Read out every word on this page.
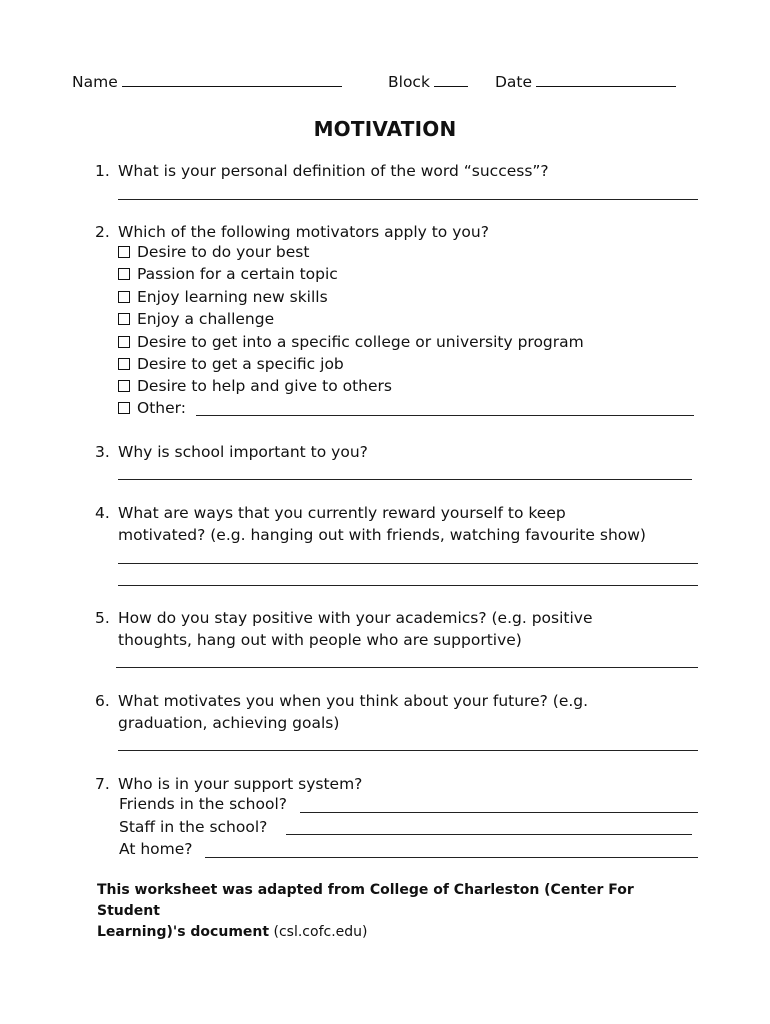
Name	Block	Date
MOTIVATION
1. What is your personal definition of the word “success”?
2. Which of the following motivators apply to you?
Desire to do your best
Passion for a certain topic
Enjoy learning new skills
Enjoy a challenge
Desire to get into a specific college or university program
Desire to get a specific job
Desire to help and give to others
Other:
3. Why is school important to you?
4. What are ways that you currently reward yourself to keep
motivated? (e.g. hanging out with friends, watching favourite show)
5. How do you stay positive with your academics? (e.g. positive
thoughts, hang out with people who are supportive)
6. What motivates you when you think about your future? (e.g.
graduation, achieving goals)
7. Who is in your support system?
Friends in the school?
Staff in the school?
At home?
This worksheet was adapted from College of Charleston (Center For Student
Learning)'s document (csl.cofc.edu)
